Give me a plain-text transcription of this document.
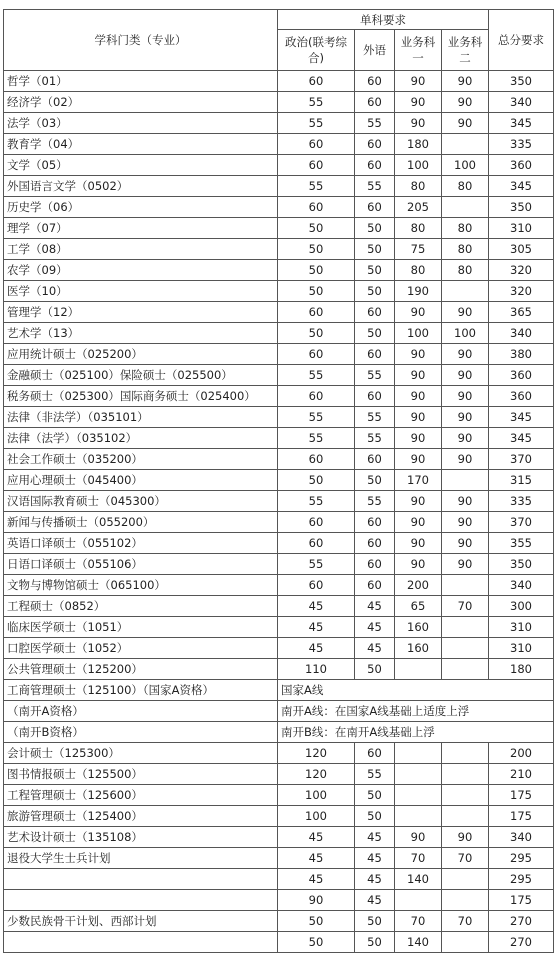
学科门类（专业）	单科要求				总分要求
	政治(联考综合)	外语	业务科一	业务科二	
哲学（01）	60	60	90	90	350
经济学（02）	55	60	90	90	340
法学（03）	55	55	90	90	345
教育学（04）	60	60	180		335
文学（05）	60	60	100	100	360
外国语言文学（0502）	55	55	80	80	345
历史学（06）	60	60	205		350
理学（07）	50	50	80	80	310
工学（08）	50	50	75	80	305
农学（09）	50	50	80	80	320
医学（10）	50	50	190		320
管理学（12）	60	60	90	90	365
艺术学（13）	50	50	100	100	340
应用统计硕士（025200）	60	60	90	90	380
金融硕士（025100）保险硕士（025500）	55	55	90	90	360
税务硕士（025300）国际商务硕士（025400）	60	60	90	90	360
法律（非法学）（035101）	55	55	90	90	345
法律（法学）（035102）	55	55	90	90	345
社会工作硕士（035200）	60	60	90	90	370
应用心理硕士（045400）	50	50	170		315
汉语国际教育硕士（045300）	55	55	90	90	335
新闻与传播硕士（055200）	60	60	90	90	370
英语口译硕士（055102）	60	60	90	90	355
日语口译硕士（055106）	55	60	90	90	350
文物与博物馆硕士（065100）	60	60	200		340
工程硕士（0852）	45	45	65	70	300
临床医学硕士（1051）	45	45	160		310
口腔医学硕士（1052）	45	45	160		310
公共管理硕士（125200）	110	50			180
工商管理硕士（125100）（国家A资格）	国家A线				
（南开A资格）	南开A线：在国家A线基础上适度上浮				
（南开B资格）	南开B线：在南开A线基础上浮				
会计硕士（125300）	120	60			200
图书情报硕士（125500）	120	55			210
工程管理硕士（125600）	100	50			175
旅游管理硕士（125400）	100	50			175
艺术设计硕士（135108）	45	45	90	90	340
退役大学生士兵计划	45	45	70	70	295
	45	45	140		295
	90	45			175
少数民族骨干计划、西部计划	50	50	70	70	270
	50	50	140		270
